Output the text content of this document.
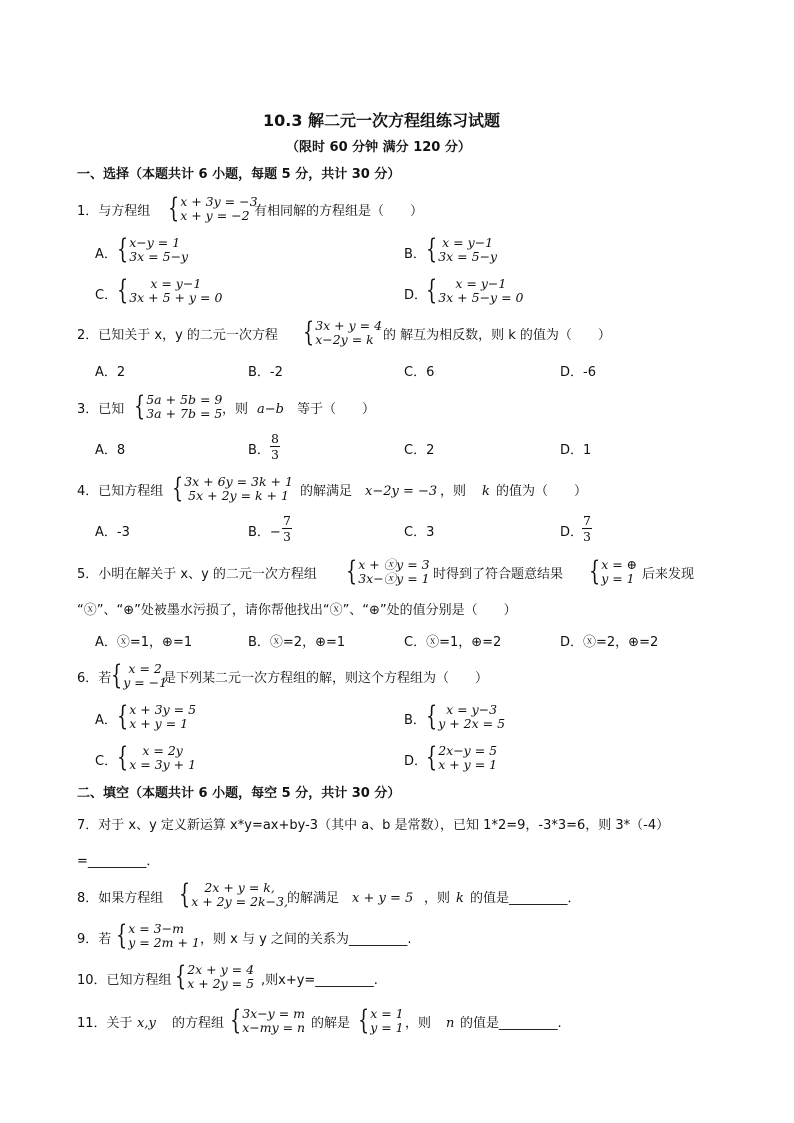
10.3 解二元一次方程组练习试题
（限时 60 分钟 满分 120 分）
一、选择（本题共计 6 小题，每题 5 分，共计 30 分）
1．与方程组 { x + 3y = −3
x + y = −2 有相同解的方程组是（　　）
A． { x−y = 1
3x = 5−y	B． { x = y−1
3x = 5−y
C． { x = y−1
3x + 5 + y = 0	D．
{ x = y−1
3x + 5−y = 0
2．已知关于 x，y 的二元一次方程 { 3x + y = 4
x−2y = k 的 解互为相反数，则 k 的值为（　　）
A．2	B．-2	C．6	D．-6
3．已知 { 5a + 5b = 9
3a + 7b = 5 ，则 a−b 等于（　　）
A．8	B．
8
3	C．2	D．1
4．已知方程组 { 3x + 6y = 3k + 1
5x + 2y = k + 1 的解满足 x−2y = −3 ，则 k 的值为（　　）
A．-3	B．−
7
3	C．3	D．
7
3
5．小明在解关于 x、y 的二元一次方程组 { x + ⓧy = 3
3x−ⓧy = 1 时得到了符合题意结果 { x = ⊕
y = 1 后来发现
“ⓧ”、“⊕”处被墨水污损了，请你帮他找出“ⓧ”、“⊕”处的值分别是（　　）
A．ⓧ=1，⊕=1	B．ⓧ=2，⊕=1	C．ⓧ=1，⊕=2	D．ⓧ=2，⊕=2
6．若 { x = 2
y = −1
是下列某二元一次方程组的解，则这个方程组为（　　）
A． { x + 3y = 5
x + y = 1	B． { x = y−3
y + 2x = 5
C． { x = 2y
x = 3y + 1	D．
{ 2x−y = 5
x + y = 1
二、填空（本题共计 6 小题，每空 5 分，共计 30 分）
7．对于 x、y 定义新运算 x*y=ax+by-3（其中 a、b 是常数），已知 1*2=9，-3*3=6，则 3*（-4）
=_________．
8．如果方程组 { 2x + y = k,
x + 2y = 2k−3,
的解满足 x + y = 5 ，则 k 的值是_________．
9．若 { x = 3−m
y = 2m + 1 ，则 x 与 y 之间的关系为_________.
10．已知方程组 { 2x + y = 4
x + 2y = 5 ,则x+y=_________.
11．关于 x,y 的方程组 { 3x−y = m
x−my = n 的解是 { x = 1
y = 1 ，则 n 的值是_________.
